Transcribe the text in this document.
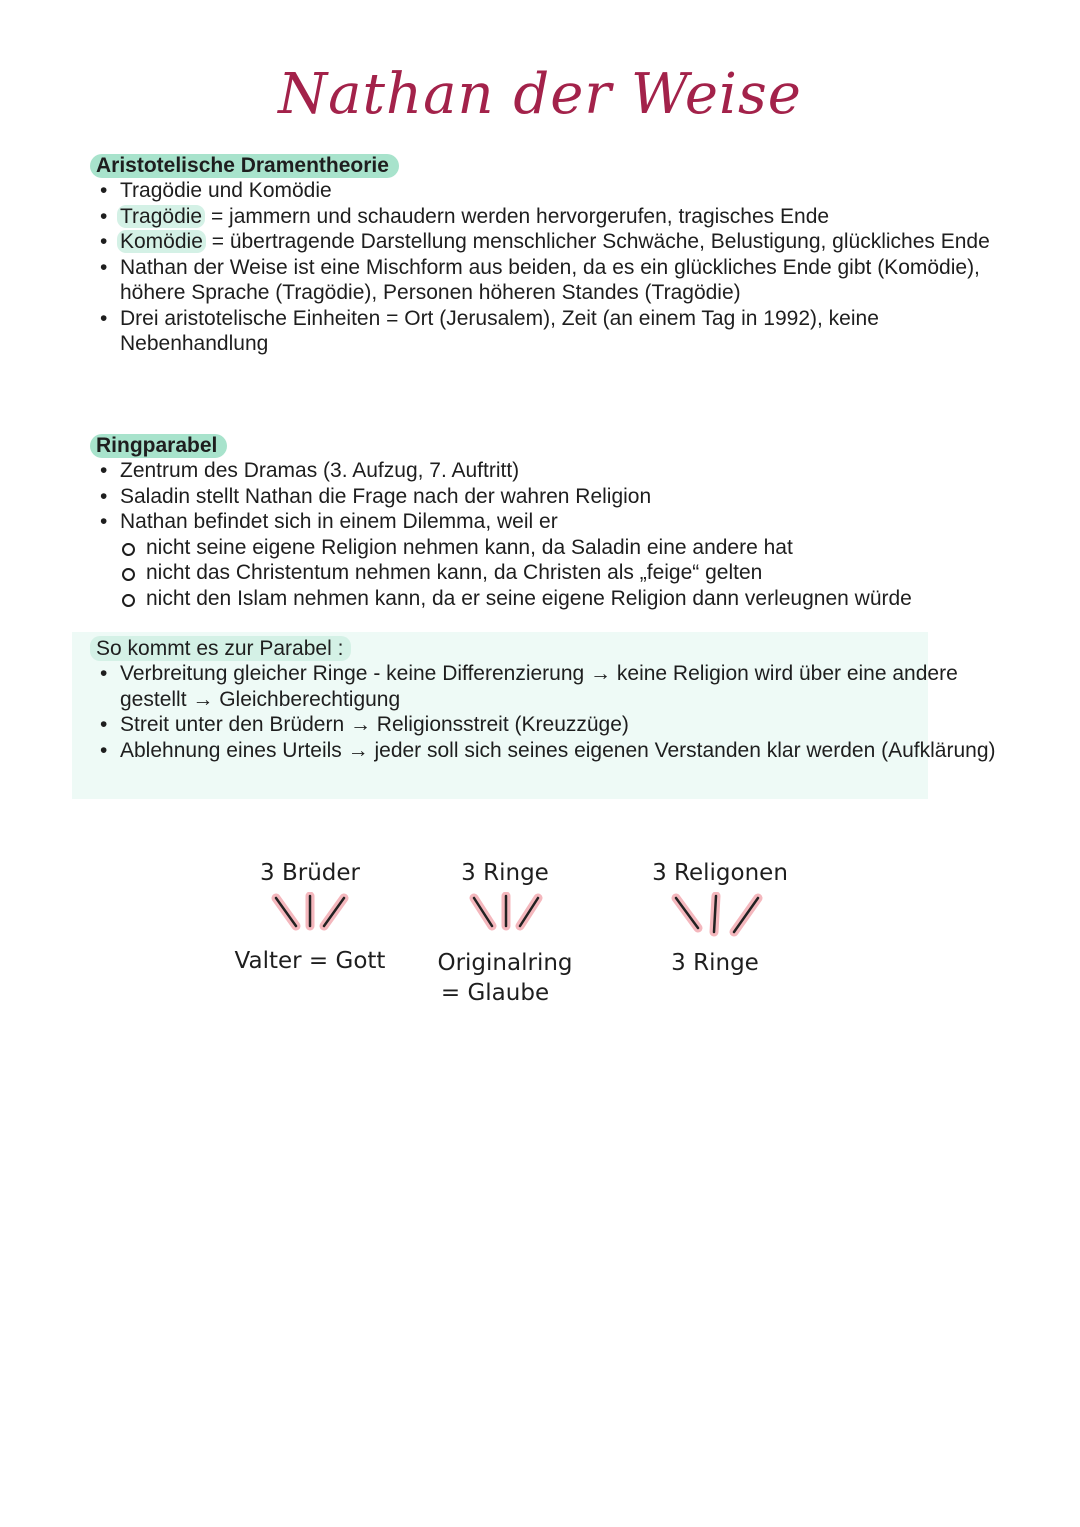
Nathan der Weise
Aristotelische Dramentheorie
• Tragödie und Komödie
• Tragödie = jammern und schaudern werden hervorgerufen, tragisches Ende
• Komödie = übertragende Darstellung menschlicher Schwäche, Belustigung, glückliches Ende
• Nathan der Weise ist eine Mischform aus beiden, da es ein glückliches Ende gibt (Komödie), höhere Sprache (Tragödie), Personen höheren Standes (Tragödie)
• Drei aristotelische Einheiten = Ort (Jerusalem), Zeit (an einem Tag in 1992), keine Nebenhandlung
Ringparabel
• Zentrum des Dramas (3. Aufzug, 7. Auftritt)
• Saladin stellt Nathan die Frage nach der wahren Religion
• Nathan befindet sich in einem Dilemma, weil er
nicht seine eigene Religion nehmen kann, da Saladin eine andere hat
nicht das Christentum nehmen kann, da Christen als „feige“ gelten
nicht den Islam nehmen kann, da er seine eigene Religion dann verleugnen würde
So kommt es zur Parabel :
• Verbreitung gleicher Ringe - keine Differenzierung → keine Religion wird über eine andere gestellt → Gleichberechtigung
• Streit unter den Brüdern → Religionsstreit (Kreuzzüge)
• Ablehnung eines Urteils → jeder soll sich seines eigenen Verstanden klar werden (Aufklärung)
3 Brüder
Valter = Gott
3 Ringe
Originalring
= Glaube
3 Religonen
3 Ringe
